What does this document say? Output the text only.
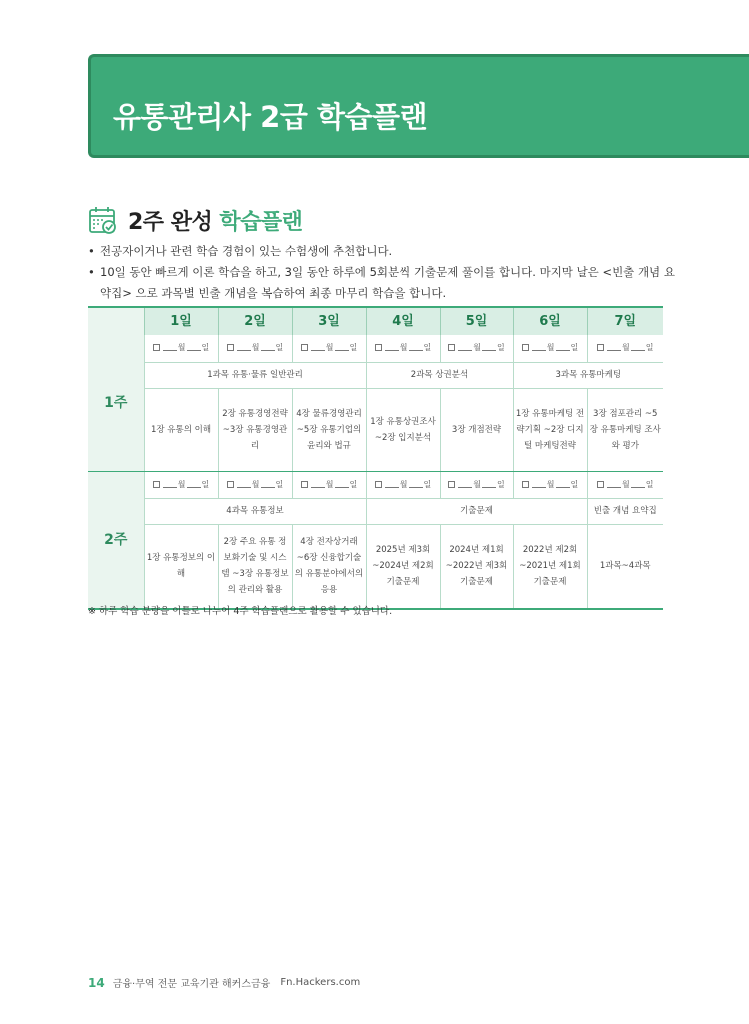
유통관리사 2급 학습플랜
2주 완성 학습플랜
• 전공자이거나 관련 학습 경험이 있는 수험생에 추천합니다.
• 10일 동안 빠르게 이론 학습을 하고, 3일 동안 하루에 5회분씩 기출문제 풀이를 합니다. 마지막 날은 <빈출 개념 요약집> 으로 과목별 빈출 개념을 복습하여 최종 마무리 학습을 합니다.
	1일	2일	3일	4일	5일	6일	7일
1주	월 일	월 일	월 일	월 일	월 일	월 일	월 일
	1과목 유통·물류 일반관리			2과목 상권분석		3과목 유통마케팅	
	1장 유통의 이해	2장 유통경영전략 ~3장 유통경영관리	4장 물류경영관리 ~5장 유통기업의 윤리와 법규	1장 유통상권조사 ~2장 입지분석	3장 개점전략	1장 유통마케팅 전략기획 ~2장 디지털 마케팅전략	3장 점포관리 ~5장 유통마케팅 조사와 평가
2주	월 일	월 일	월 일	월 일	월 일	월 일	월 일
	4과목 유통정보			기출문제			빈출 개념 요약집
	1장 유통정보의 이해	2장 주요 유통 정보화기술 및 시스템 ~3장 유통정보의 관리와 활용	4장 전자상거래 ~6장 신융합기술의 유통분야에서의 응용	2025년 제3회 ~2024년 제2회 기출문제	2024년 제1회 ~2022년 제3회 기출문제	2022년 제2회 ~2021년 제1회 기출문제	1과목~4과목
※ 하루 학습 분량을 이틀로 나누어 4주 학습플랜으로 활용할 수 있습니다.
14 금융·무역 전문 교육기관 해커스금융 Fn.Hackers.com
